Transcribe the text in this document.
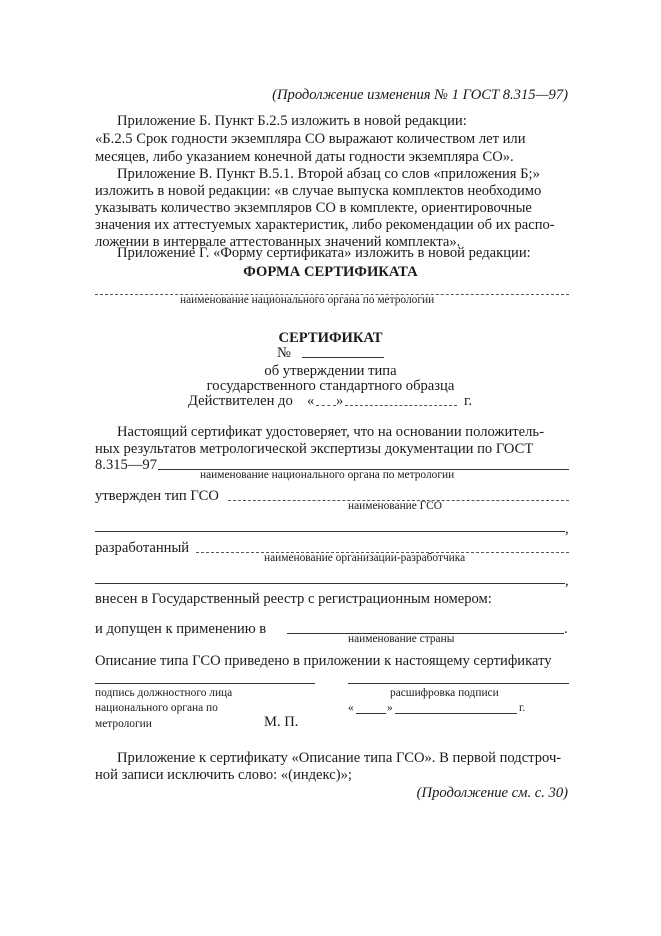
(Продолжение изменения № 1 ГОСТ 8.315—97)
Приложение Б. Пункт Б.2.5 изложить в новой редакции:
«Б.2.5 Срок годности экземпляра СО выражают количеством лет или
месяцев, либо указанием конечной даты годности экземпляра СО».
Приложение В. Пункт В.5.1. Второй абзац со слов «приложения Б;»
изложить в новой редакции: «в случае выпуска комплектов необходимо
указывать количество экземпляров СО в комплекте, ориентировочные
значения их аттестуемых характеристик, либо рекомендации об их распо-
ложении в интервале аттестованных значений комплекта».
Приложение Г. «Форму сертификата» изложить в новой редакции:
ФОРМА СЕРТИФИКАТА
наименование национального органа по метрологии
СЕРТИФИКАТ
№
об утверждении типа
государственного стандартного образца
Действителен до « »	г.
Настоящий сертификат удостоверяет, что на основании положитель-
ных результатов метрологической экспертизы документации по ГОСТ
8.315—97
наименование национального органа по метрологии
утвержден тип ГСО
наименование ГСО
,
разработанный
наименование организации-разработчика
,
внесен в Государственный реестр с регистрационным номером:
и допущен к применению в	.
наименование страны
Описание типа ГСО приведено в приложении к настоящему сертификату
подпись должностного лица	расшифровка подписи
национального органа по	«	»	г.
метрологии	М. П.
Приложение к сертификату «Описание типа ГСО». В первой подстроч-
ной записи исключить слово: «(индекс)»;
(Продолжение см. с. 30)
